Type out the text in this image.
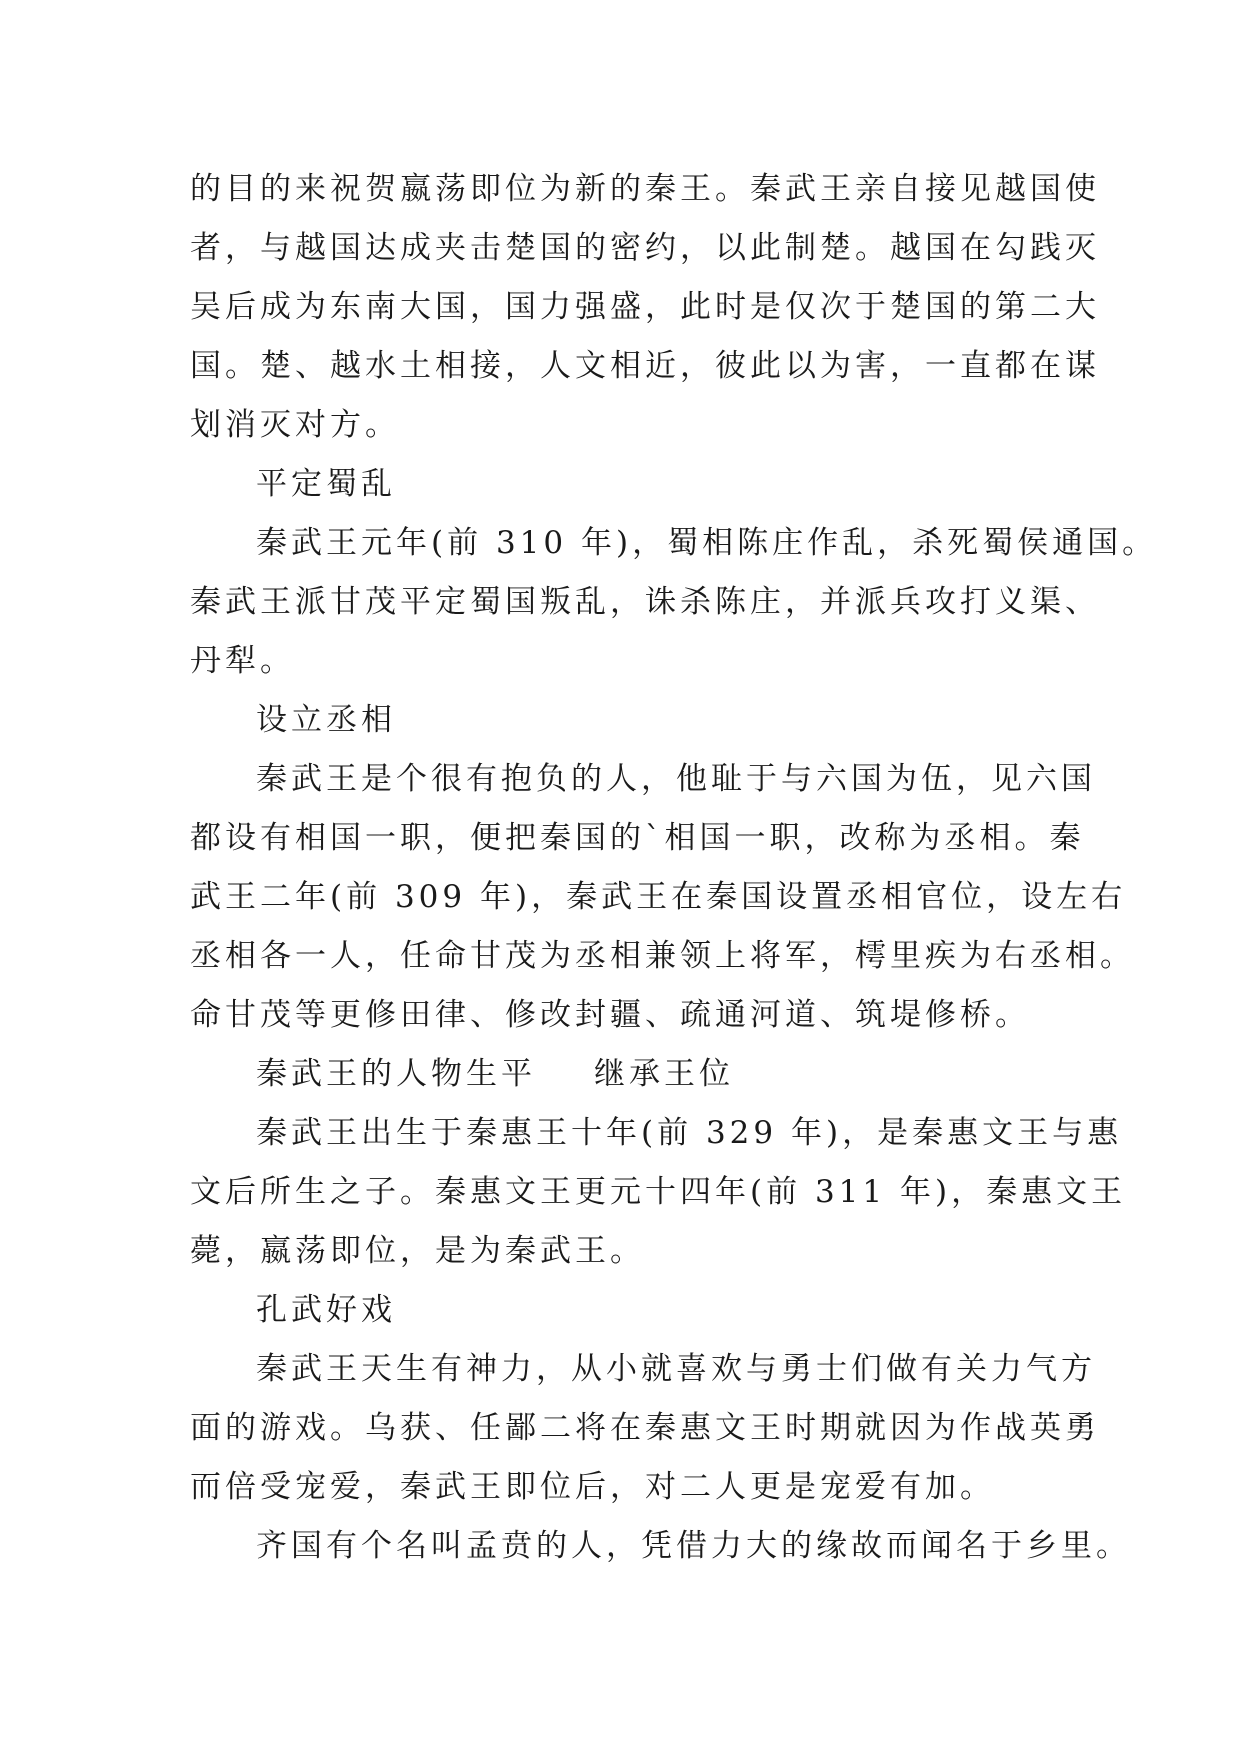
的目的来祝贺嬴荡即位为新的秦王。秦武王亲自接见越国使
者，与越国达成夹击楚国的密约，以此制楚。越国在勾践灭
吴后成为东南大国，国力强盛，此时是仅次于楚国的第二大
国。楚、越水土相接，人文相近，彼此以为害，一直都在谋
划消灭对方。
平定蜀乱
秦武王元年(前 310 年)，蜀相陈庄作乱，杀死蜀侯通国。
秦武王派甘茂平定蜀国叛乱，诛杀陈庄，并派兵攻打义渠、
丹犁。
设立丞相
秦武王是个很有抱负的人，他耻于与六国为伍，见六国
都设有相国一职，便把秦国的`相国一职，改称为丞相。秦
武王二年(前 309 年)，秦武王在秦国设置丞相官位，设左右
丞相各一人，任命甘茂为丞相兼领上将军，樗里疾为右丞相。
命甘茂等更修田律、修改封疆、疏通河道、筑堤修桥。
秦武王的人物生平 继承王位
秦武王出生于秦惠王十年(前 329 年)，是秦惠文王与惠
文后所生之子。秦惠文王更元十四年(前 311 年)，秦惠文王
薨，嬴荡即位，是为秦武王。
孔武好戏
秦武王天生有神力，从小就喜欢与勇士们做有关力气方
面的游戏。乌获、任鄙二将在秦惠文王时期就因为作战英勇
而倍受宠爱，秦武王即位后，对二人更是宠爱有加。
齐国有个名叫孟贲的人，凭借力大的缘故而闻名于乡里。
